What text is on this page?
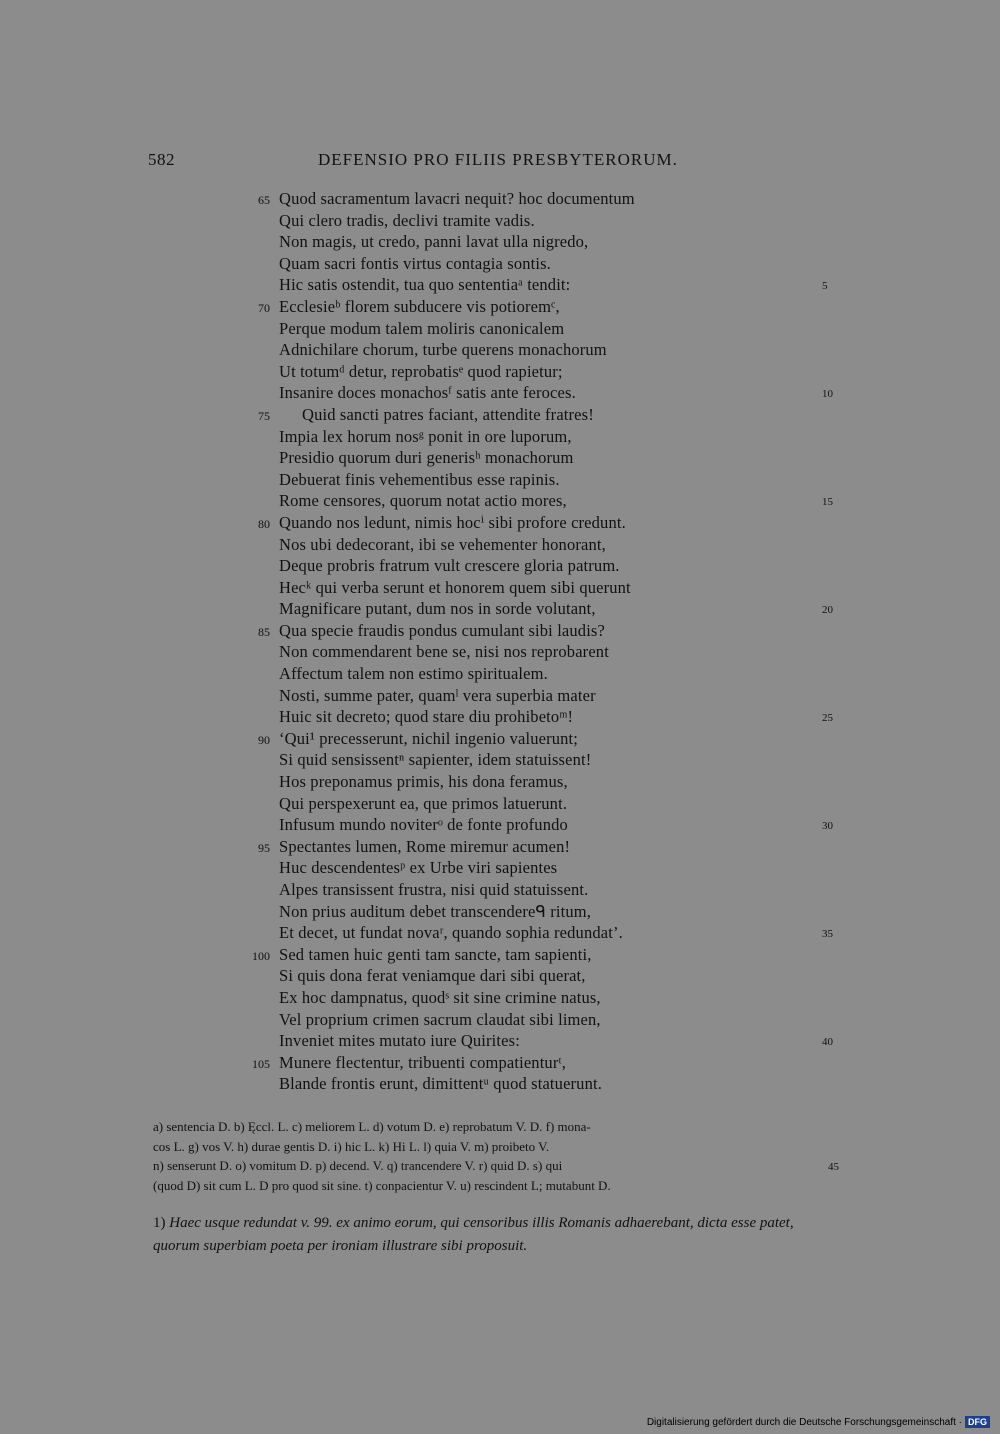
582	DEFENSIO PRO FILIIS PRESBYTERORUM.
65 Quod sacramentum lavacri nequit? hoc documentum
Qui clero tradis, declivi tramite vadis.
Non magis, ut credo, panni lavat ulla nigredo,
Quam sacri fontis virtus contagia sontis.
Hic satis ostendit, tua quo sententiaᵃ tendit:	5
70 Ecclesieᵇ florem subducere vis potioremᶜ,
Perque modum talem moliris canonicalem
Adnichilare chorum, turbe querens monachorum
Ut totumᵈ detur, reprobatisᵉ quod rapietur;
Insanire doces monachosᶠ satis ante feroces.	10
75 Quid sancti patres faciant, attendite fratres!
Impia lex horum nosᵍ ponit in ore luporum,
Presidio quorum duri generisʰ monachorum
Debuerat finis vehementibus esse rapinis.
Rome censores, quorum notat actio mores,	15
80 Quando nos ledunt, nimis hocⁱ sibi profore credunt.
Nos ubi dedecorant, ibi se vehementer honorant,
Deque probris fratrum vult crescere gloria patrum.
Hecᵏ qui verba serunt et honorem quem sibi querunt
Magnificare putant, dum nos in sorde volutant,	20
85 Qua specie fraudis pondus cumulant sibi laudis?
Non commendarent bene se, nisi nos reprobarent
Affectum talem non estimo spiritualem.
Nosti, summe pater, quamˡ vera superbia mater
Huic sit decreto; quod stare diu prohibetoᵐ!	25
90 ‘Qui¹ precesserunt, nichil ingenio valuerunt;
Si quid sensissentⁿ sapienter, idem statuissent!
Hos preponamus primis, his dona feramus,
Qui perspexerunt ea, que primos latuerunt.
Infusum mundo noviterᵒ de fonte profundo	30
95 Spectantes lumen, Rome miremur acumen!
Huc descendentesᵖ ex Urbe viri sapientes
Alpes transissent frustra, nisi quid statuissent.
Non prius auditum debet transcendereᑫ ritum,
Et decet, ut fundat novaʳ, quando sophia redundat’.	35
100 Sed tamen huic genti tam sancte, tam sapienti,
Si quis dona ferat veniamque dari sibi querat,
Ex hoc dampnatus, quodˢ sit sine crimine natus,
Vel proprium crimen sacrum claudat sibi limen,
Inveniet mites mutato iure Quirites:	40
105 Munere flectentur, tribuenti compatienturᵗ,
Blande frontis erunt, dimittentᵘ quod statuerunt.
a) sentencia D. b) Ęccl. L. c) meliorem L. d) votum D. e) reprobatum V. D. f) mona-
cos L. g) vos V. h) durae gentis D. i) hic L. k) Hi L. l) quia V. m) proibeto V.
n) senserunt D. o) vomitum D. p) decend. V. q) trancendere V. r) quid D. s) qui	45
(quod D) sit cum L. D pro quod sit sine. t) conpacientur V. u) rescindent L; mutabunt D.
1) Haec usque redundat v. 99. ex animo eorum, qui censoribus illis Romanis adhaerebant, dicta esse patet, quorum superbiam poeta per ironiam illustrare sibi proposuit.
Digitalisierung gefördert durch die Deutsche Forschungsgemeinschaft · DFG
